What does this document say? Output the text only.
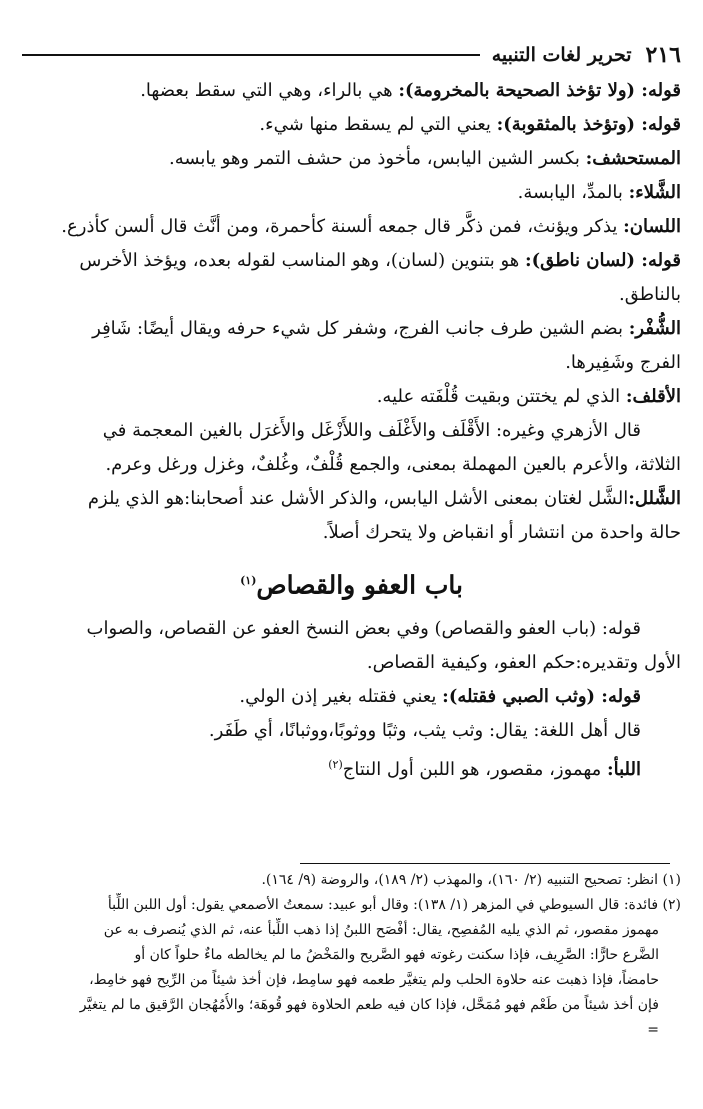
٢١٦
تحرير لغات التنبيه
قوله: (ولا تؤخذ الصحيحة بالمخرومة): هي بالراء، وهي التي سقط بعضها.
قوله: (وتؤخذ بالمثقوبة): يعني التي لم يسقط منها شيء.
المستحشف: بكسر الشين اليابس، مأخوذ من حشف التمر وهو يابسه.
الشَّلاء: بالمدِّ، اليابسة.
اللسان: يذكر ويؤنث، فمن ذكَّر قال جمعه ألسنة كأحمرة، ومن أنَّث قال ألسن كأذرع.
قوله: (لسان ناطق): هو بتنوين (لسان)، وهو المناسب لقوله بعده، ويؤخذ الأخرس
بالناطق.
الشُّفْر: بضم الشين طرف جانب الفرج، وشفر كل شيء حرفه ويقال أيضًا: شَافِر
الفرج وشَفِيرها.
الأقلف: الذي لم يختتن وبقيت قُلْفَته عليه.
قال الأزهري وغيره: الأَقْلَف والأَغْلَف واللأَزْغَل والأَغرَل بالغين المعجمة في
الثلاثة، والأعرم بالعين المهملة بمعنى، والجمع قُلْفٌ، وغُلفٌ، وغزل ورغل وعرم.
الشَّلل:الشَّل لغتان بمعنى الأشل اليابس، والذكر الأشل عند أصحابنا:هو الذي يلزم
حالة واحدة من انتشار أو انقباض ولا يتحرك أصلاً.
باب العفو والقصاص$^{(١)}$
قوله: (باب العفو والقصاص) وفي بعض النسخ العفو عن القصاص، والصواب
الأول وتقديره:حكم العفو، وكيفية القصاص.
قوله: (وثب الصبي فقتله): يعني فقتله بغير إذن الولي.
قال أهل اللغة: يقال: وثب يثب، وثبًا ووثوبًا،ووثبانًا، أي طَفَر.
اللبأ: مهموز، مقصور، هو اللبن أول النتاج$^{(٢)}$
(١) انظر: تصحيح التنبيه (٢/ ١٦٠)، والمهذب (٢/ ١٨٩)، والروضة (٩/ ١٦٤).
(٢) فائدة: قال السيوطي في المزهر (١/ ١٣٨): وقال أبو عبيد: سمعتُ الأصمعي يقول: أول اللبن اللِّبأ
مهموز مقصور، ثم الذي يليه المُفصِح، يقال: أفْصَح اللبنُ إذا ذهب اللِّبأ عنه، ثم الذي يُنصرف به عن
الضَّرع حارًّا: الصَّرِيف، فإذا سكنت رغوته فهو الصَّريح والمَخْضُ ما لم يخالطه ماءٌ حلواً كان أو
حامضاً، فإذا ذهبت عنه حلاوة الحلب ولم يتغيَّر طعمه فهو سامِط، فإن أخذ شيئاً من الرِّيح فهو خامِط،
فإن أخذ شيئاً من طَعْم فهو مُمَحَّل، فإذا كان فيه طعم الحلاوة فهو قُوهَة؛ والأُمُهُجان الرَّقيق ما لم يتغيَّر
=
